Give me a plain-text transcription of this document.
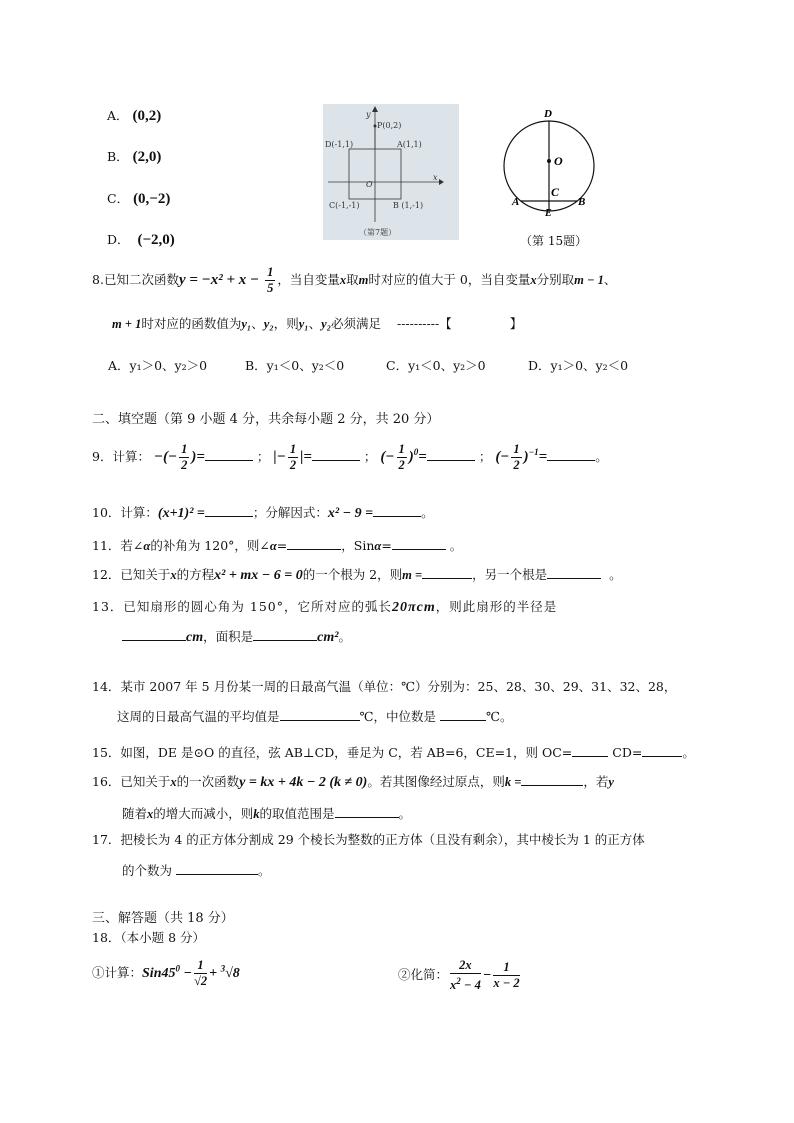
A． (0,2)
B． (2,0)
C． (0,−2)
D． (−2,0)
y
P(0,2)
D(-1,1)	A(1,1)
O
x
C(-1,-1)	B (1,-1)
（第7题）
D
O
C
A	B
E
（第 15题）
8.已知二次函数$y = -x^2 + x - \frac{1}{5}$ ，当自变量x取m时对应的值大于 0，当自变量x分别取m − 1、
m + 1时对应的函数值为y₁、y₂，则y₁、y₂必须满足 ----------【	】
A．y₁＞0、y₂＞0	B．y₁＜0、y₂＜0	C．y₁＜0、y₂＞0	D．y₁＞0、y₂＜0
二、填空题（第 9 小题 4 分，共余每小题 2 分，共 20 分）
9．计算： −(− $\frac{1}{2}$ )=	； |− $\frac{1}{2}$ |=	； (− $\frac{1}{2} )^0=$	； (− $\frac{1}{2} )^{-1}=$	。
10．计算：(x+1)² =	；分解因式：x² − 9 =	。
11．若∠α的补角为 120°，则∠α=	，Sinα=	。
12．已知关于x的方程x² + mx − 6 = 0的一个根为 2，则m =	，另一个根是	。
13．已知扇形的圆心角为 150°，它所对应的弧长20πcm，则此扇形的半径是
cm，面积是	cm²。
14．某市 2007 年 5 月份某一周的日最高气温（单位：℃）分别为：25、28、30、29、31、32、28，
这周的日最高气温的平均值是	℃，中位数是	℃。
15．如图，DE 是⊙O 的直径，弦 AB⊥CD，垂足为 C，若 AB=6，CE=1，则 OC=	CD=	。
16．已知关于x的一次函数y = kx + 4k − 2 (k ≠ 0)。若其图像经过原点，则k =	，若y
随着x的增大而减小，则k的取值范围是	。
17．把棱长为 4 的正方体分割成 29 个棱长为整数的正方体（且没有剩余），其中棱长为 1 的正方体
的个数为	。
三、解答题（共 18 分）
18．（本小题 8 分）
①计算：$Sin45^0 - \frac{1}{√2} + ^3√8$	②化简： $\frac{2x}{x^2 - 4} - \frac{1}{x - 2}$
